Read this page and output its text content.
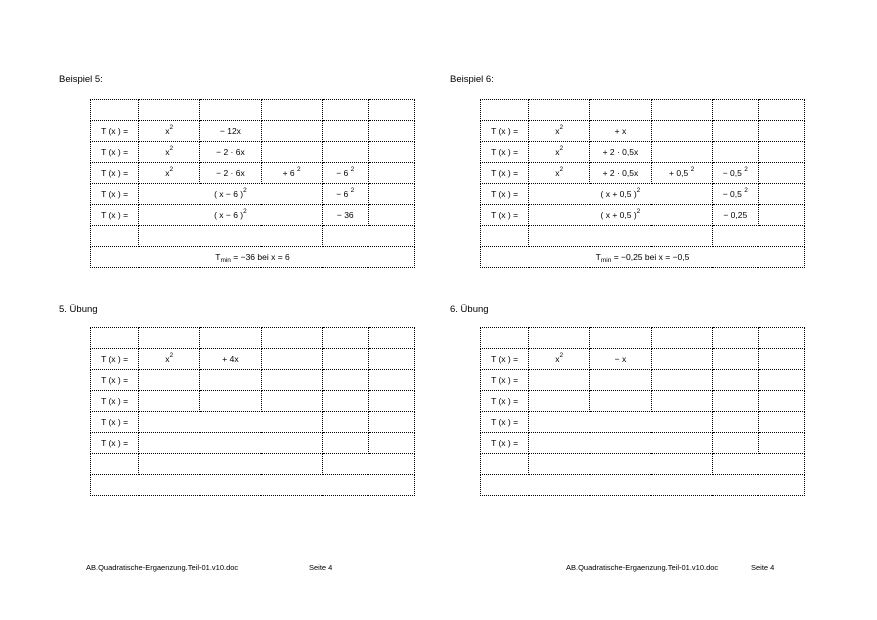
Beispiel 5:

T (x ) =	$x^2$	− 12x			
T (x ) =	$x^2$	− 2 · 6x			
T (x ) =	$x^2$	− 2 · 6x	+ 6 $^2$	− 6 $^2$	
T (x ) =	( x − 6 )$^2$			− 6 $^2$	
T (x ) =	( x − 6 )$^2$			− 36	

$T_{min} = -36$ bei x = 6					
Beispiel 6:

T (x ) =	$x^2$	+ x			
T (x ) =	$x^2$	+ 2 · 0,5x			
T (x ) =	$x^2$	+ 2 · 0,5x	+ 0,5 $^2$	− 0,5 $^2$	
T (x ) =	( x + 0,5 )$^2$			− 0,5 $^2$	
T (x ) =	( x + 0,5 )$^2$			− 0,25	

$T_{min} = -0,25$ bei x = −0,5					
5. Übung

T (x ) =	$x^2$	+ 4x			
T (x ) =					
T (x ) =					
T (x ) =					
T (x ) =					

6. Übung

T (x ) =	$x^2$	− x			
T (x ) =					
T (x ) =					
T (x ) =					
T (x ) =					

AB.Quadratische-Ergaenzung.Teil-01.v10.doc	Seite 4	AB.Quadratische-Ergaenzung.Teil-01.v10.doc	Seite 4
